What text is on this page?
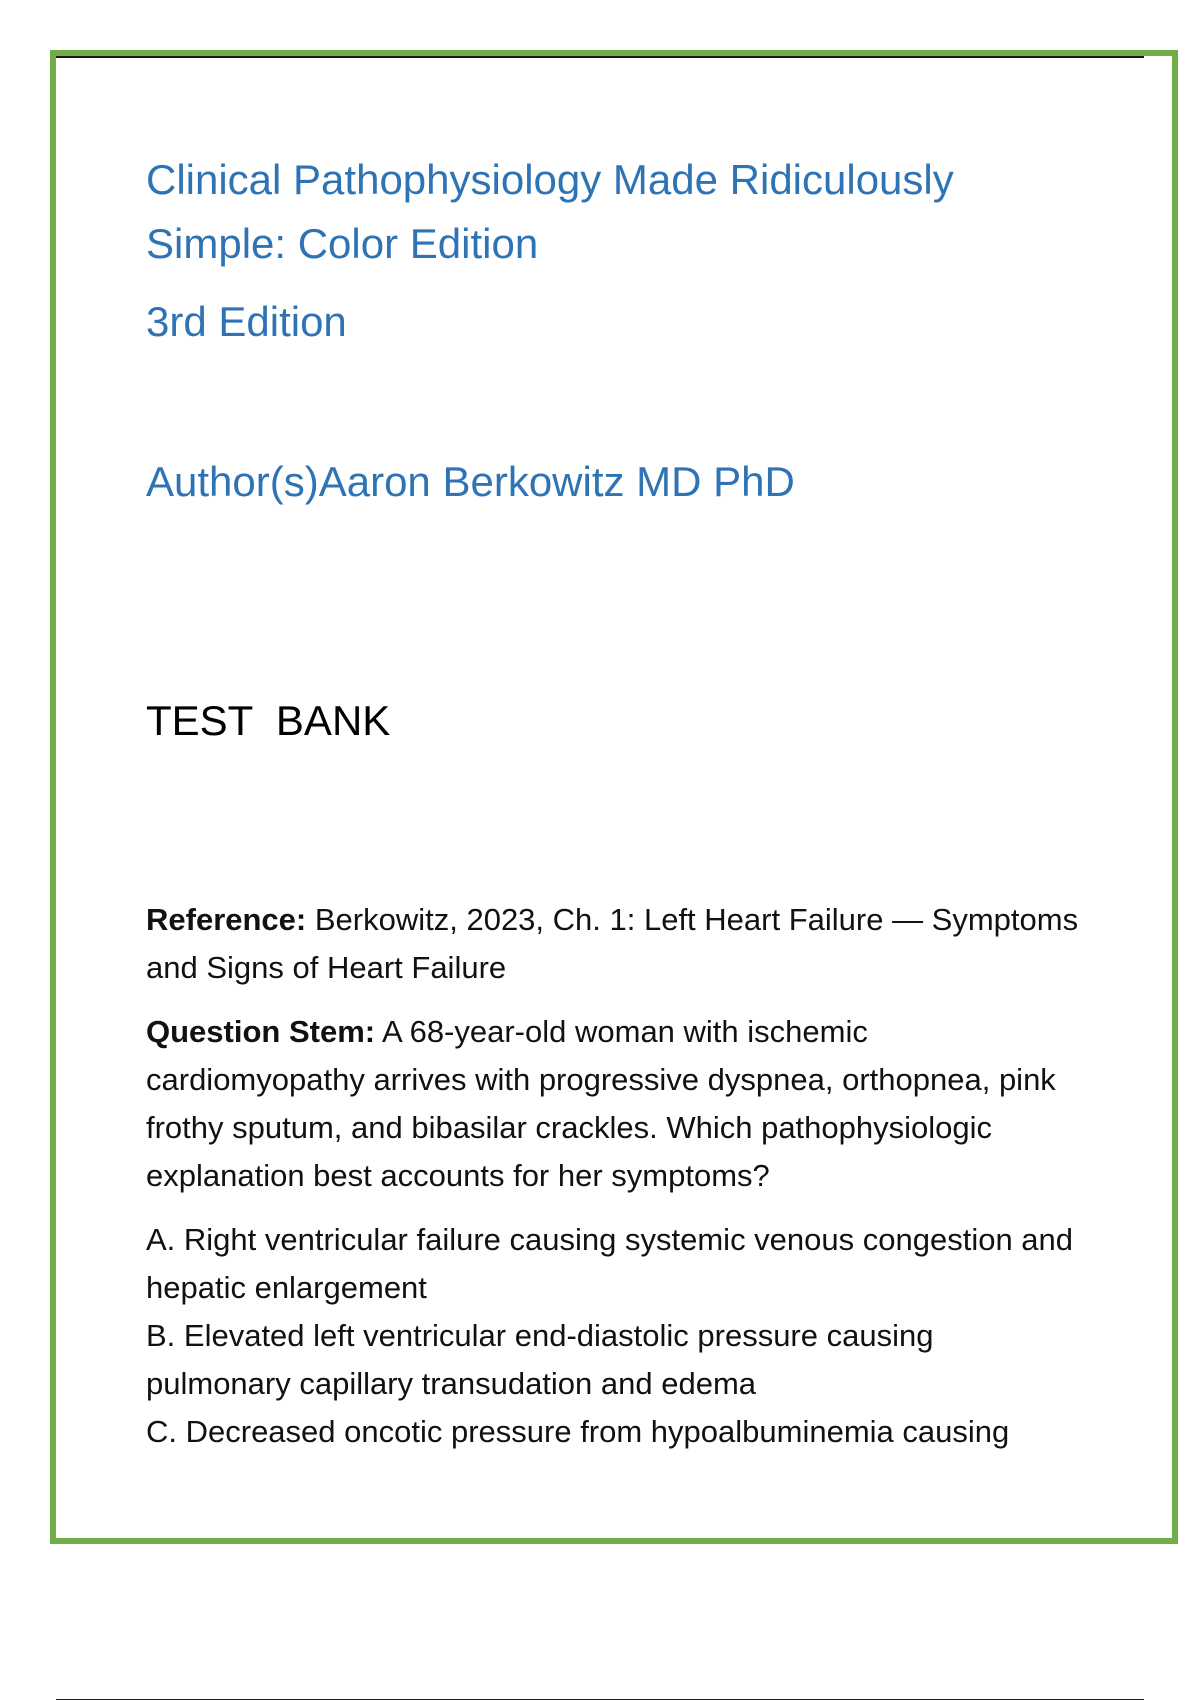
Clinical Pathophysiology Made Ridiculously Simple: Color Edition
3rd Edition
Author(s)Aaron Berkowitz MD PhD
TEST  BANK

Reference: Berkowitz, 2023, Ch. 1: Left Heart Failure — Symptoms and Signs of Heart Failure

Question Stem: A 68-year-old woman with ischemic cardiomyopathy arrives with progressive dyspnea, orthopnea, pink frothy sputum, and bibasilar crackles. Which pathophysiologic explanation best accounts for her symptoms?

A. Right ventricular failure causing systemic venous congestion and hepatic enlargement

B. Elevated left ventricular end-diastolic pressure causing pulmonary capillary transudation and edema

C. Decreased oncotic pressure from hypoalbuminemia causing
